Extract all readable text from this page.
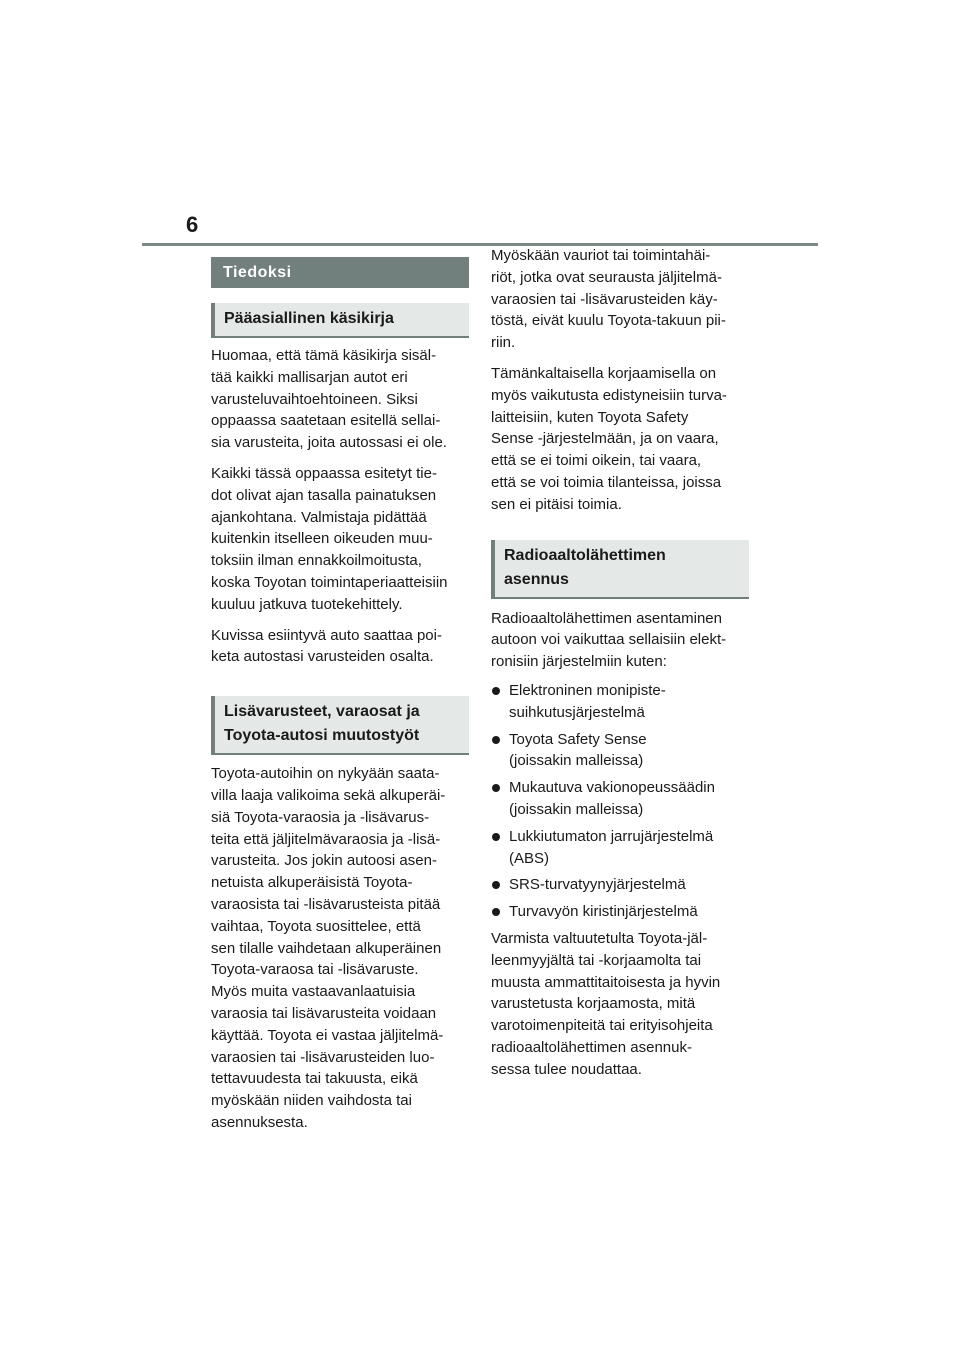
6
Tiedoksi
Pääasiallinen käsikirja

Huomaa, että tämä käsikirja sisäl-
tää kaikki mallisarjan autot eri
varusteluvaihtoehtoineen. Siksi
oppaassa saatetaan esitellä sellai-
sia varusteita, joita autossasi ei ole.

Kaikki tässä oppaassa esitetyt tie-
dot olivat ajan tasalla painatuksen
ajankohtana. Valmistaja pidättää
kuitenkin itselleen oikeuden muu-
toksiin ilman ennakkoilmoitusta,
koska Toyotan toimintaperiaatteisiin
kuuluu jatkuva tuotekehittely.

Kuvissa esiintyvä auto saattaa poi-
keta autostasi varusteiden osalta.

Lisävarusteet, varaosat ja
Toyota-autosi muutostyöt

Toyota-autoihin on nykyään saata-
villa laaja valikoima sekä alkuperäi-
siä Toyota-varaosia ja -lisävarus-
teita että jäljitelmävaraosia ja -lisä-
varusteita. Jos jokin autoosi asen-
netuista alkuperäisistä Toyota-
varaosista tai -lisävarusteista pitää
vaihtaa, Toyota suosittelee, että
sen tilalle vaihdetaan alkuperäinen
Toyota-varaosa tai -lisävaruste.
Myös muita vastaavanlaatuisia
varaosia tai lisävarusteita voidaan
käyttää. Toyota ei vastaa jäljitelmä-
varaosien tai -lisävarusteiden luo-
tettavuudesta tai takuusta, eikä
myöskään niiden vaihdosta tai
asennuksesta.

Myöskään vauriot tai toimintahäi-
riöt, jotka ovat seurausta jäljitelmä-
varaosien tai -lisävarusteiden käy-
töstä, eivät kuulu Toyota-takuun pii-
riin.

Tämänkaltaisella korjaamisella on
myös vaikutusta edistyneisiin turva-
laitteisiin, kuten Toyota Safety
Sense -järjestelmään, ja on vaara,
että se ei toimi oikein, tai vaara,
että se voi toimia tilanteissa, joissa
sen ei pitäisi toimia.

Radioaaltolähettimen
asennus

Radioaaltolähettimen asentaminen
autoon voi vaikuttaa sellaisiin elekt-
ronisiin järjestelmiin kuten:

Elektroninen monipiste-
suihkutusjärjestelmä
Toyota Safety Sense
(joissakin malleissa)
Mukautuva vakionopeussäädin
(joissakin malleissa)
Lukkiutumaton jarrujärjestelmä
(ABS)
SRS-turvatyynyjärjestelmä
Turvavyön kiristinjärjestelmä

Varmista valtuutetulta Toyota-jäl-
leenmyyjältä tai -korjaamolta tai
muusta ammattitaitoisesta ja hyvin
varustetusta korjaamosta, mitä
varotoimenpiteitä tai erityisohjeita
radioaaltolähettimen asennuk-
sessa tulee noudattaa.
